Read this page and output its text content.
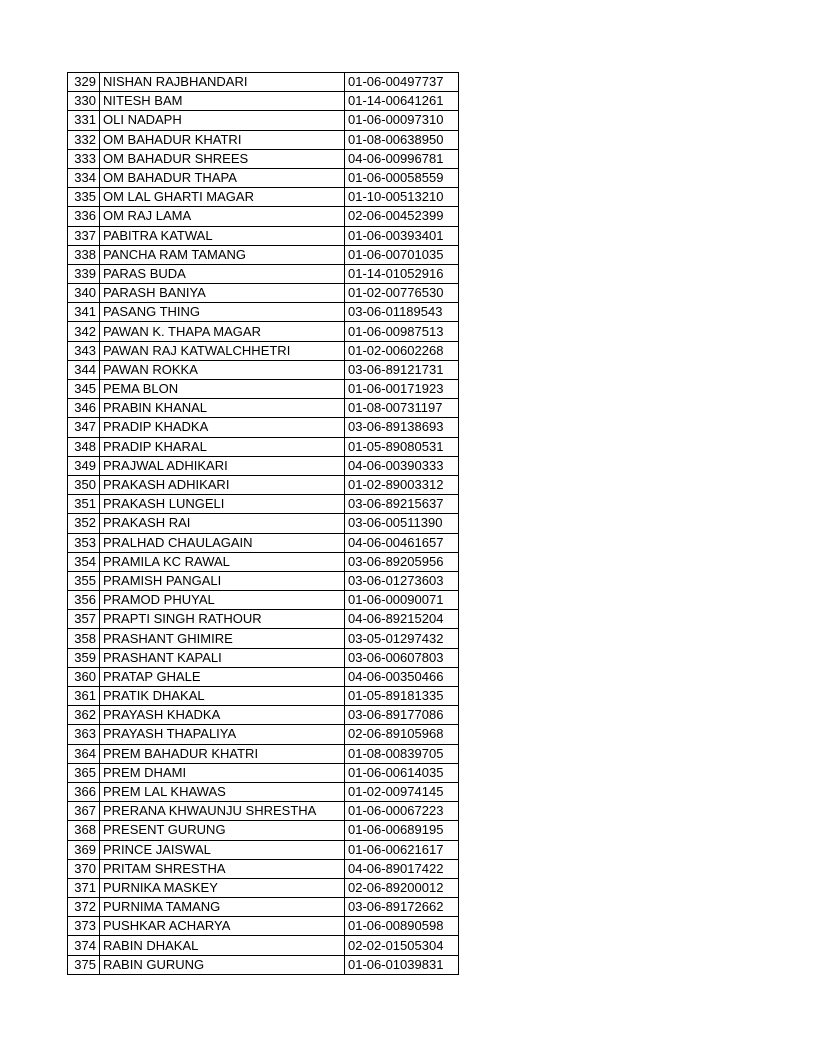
329	NISHAN RAJBHANDARI	01-06-00497737
330	NITESH BAM	01-14-00641261
331	OLI NADAPH	01-06-00097310
332	OM BAHADUR KHATRI	01-08-00638950
333	OM BAHADUR SHREES	04-06-00996781
334	OM BAHADUR THAPA	01-06-00058559
335	OM LAL GHARTI MAGAR	01-10-00513210
336	OM RAJ LAMA	02-06-00452399
337	PABITRA KATWAL	01-06-00393401
338	PANCHA RAM TAMANG	01-06-00701035
339	PARAS BUDA	01-14-01052916
340	PARASH BANIYA	01-02-00776530
341	PASANG THING	03-06-01189543
342	PAWAN K. THAPA MAGAR	01-06-00987513
343	PAWAN RAJ KATWALCHHETRI	01-02-00602268
344	PAWAN ROKKA	03-06-89121731
345	PEMA BLON	01-06-00171923
346	PRABIN KHANAL	01-08-00731197
347	PRADIP KHADKA	03-06-89138693
348	PRADIP KHARAL	01-05-89080531
349	PRAJWAL ADHIKARI	04-06-00390333
350	PRAKASH ADHIKARI	01-02-89003312
351	PRAKASH LUNGELI	03-06-89215637
352	PRAKASH RAI	03-06-00511390
353	PRALHAD CHAULAGAIN	04-06-00461657
354	PRAMILA KC RAWAL	03-06-89205956
355	PRAMISH PANGALI	03-06-01273603
356	PRAMOD PHUYAL	01-06-00090071
357	PRAPTI SINGH RATHOUR	04-06-89215204
358	PRASHANT GHIMIRE	03-05-01297432
359	PRASHANT KAPALI	03-06-00607803
360	PRATAP GHALE	04-06-00350466
361	PRATIK DHAKAL	01-05-89181335
362	PRAYASH KHADKA	03-06-89177086
363	PRAYASH THAPALIYA	02-06-89105968
364	PREM BAHADUR KHATRI	01-08-00839705
365	PREM DHAMI	01-06-00614035
366	PREM LAL KHAWAS	01-02-00974145
367	PRERANA KHWAUNJU SHRESTHA	01-06-00067223
368	PRESENT GURUNG	01-06-00689195
369	PRINCE JAISWAL	01-06-00621617
370	PRITAM SHRESTHA	04-06-89017422
371	PURNIKA MASKEY	02-06-89200012
372	PURNIMA TAMANG	03-06-89172662
373	PUSHKAR ACHARYA	01-06-00890598
374	RABIN DHAKAL	02-02-01505304
375	RABIN GURUNG	01-06-01039831
